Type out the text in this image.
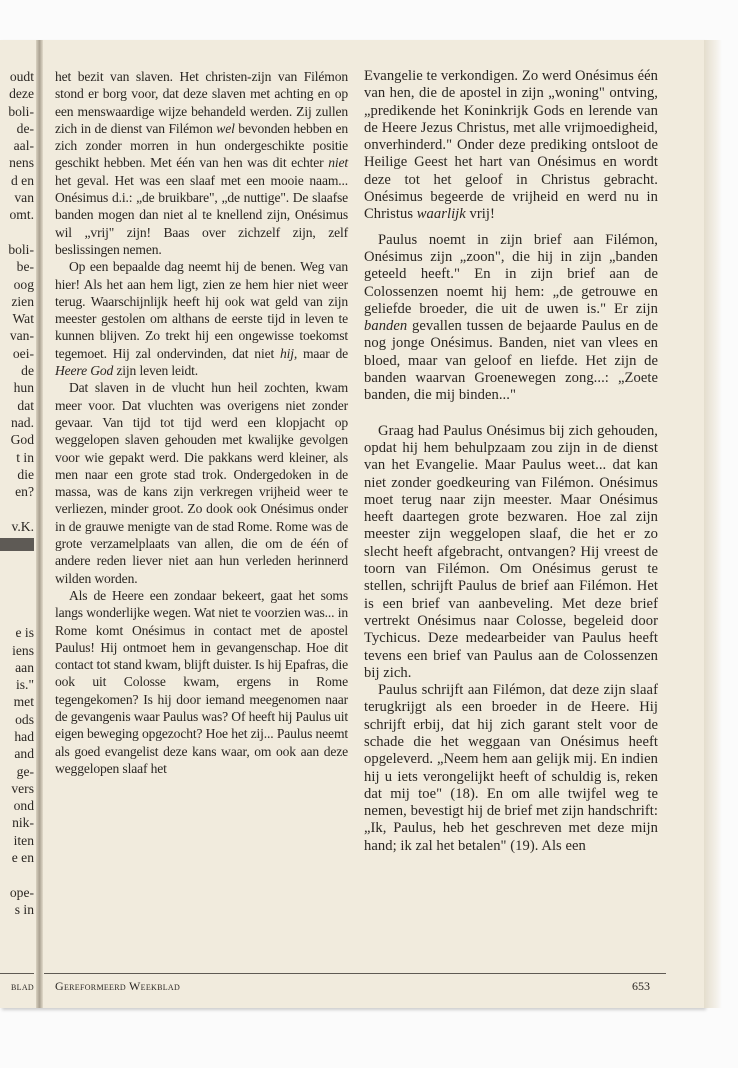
oudt
deze
boli-
de-
aal-
nens
d en
van
omt.
boli-
be-
oog
zien
Wat
van-
oei-
de
hun
dat
nad.
God
t in
die
en?
v.K.
e is
iens
aan
is."
met
ods
had
and
ge-
vers
ond
nik-
iten
e en
ope-
s in

het bezit van slaven. Het christen-zijn van Filémon stond er borg voor, dat deze slaven met achting en op een menswaardige wijze behandeld werden. Zij zullen zich in de dienst van Filémon wel bevonden hebben en zich zonder morren in hun ondergeschikte positie geschikt hebben. Met één van hen was dit echter niet het geval. Het was een slaaf met een mooie naam... Onésimus d.i.: „de bruikbare", „de nuttige". De slaafse banden mogen dan niet al te knellend zijn, Onésimus wil „vrij" zijn! Baas over zichzelf zijn, zelf beslissingen nemen.

Op een bepaalde dag neemt hij de benen. Weg van hier! Als het aan hem ligt, zien ze hem hier niet weer terug. Waarschijnlijk heeft hij ook wat geld van zijn meester gestolen om althans de eerste tijd in leven te kunnen blijven. Zo trekt hij een ongewisse toekomst tegemoet. Hij zal ondervinden, dat niet hij, maar de Heere God zijn leven leidt.

Dat slaven in de vlucht hun heil zochten, kwam meer voor. Dat vluchten was overigens niet zonder gevaar. Van tijd tot tijd werd een klopjacht op weggelopen slaven gehouden met kwalijke gevolgen voor wie gepakt werd. Die pakkans werd kleiner, als men naar een grote stad trok. Ondergedoken in de massa, was de kans zijn verkregen vrijheid weer te verliezen, minder groot. Zo dook ook Onésimus onder in de grauwe menigte van de stad Rome. Rome was de grote verzamelplaats van allen, die om de één of andere reden liever niet aan hun verleden herinnerd wilden worden.

Als de Heere een zondaar bekeert, gaat het soms langs wonderlijke wegen. Wat niet te voorzien was... in Rome komt Onésimus in contact met de apostel Paulus! Hij ontmoet hem in gevangenschap. Hoe dit contact tot stand kwam, blijft duister. Is hij Epafras, die ook uit Colosse kwam, ergens in Rome tegengekomen? Is hij door iemand meegenomen naar de gevangenis waar Paulus was? Of heeft hij Paulus uit eigen beweging opgezocht? Hoe het zij... Paulus neemt als goed evangelist deze kans waar, om ook aan deze weggelopen slaaf het

Evangelie te verkondigen. Zo werd Onésimus één van hen, die de apostel in zijn „woning" ontving, „predikende het Koninkrijk Gods en lerende van de Heere Jezus Christus, met alle vrijmoedigheid, onverhinderd." Onder deze prediking ontsloot de Heilige Geest het hart van Onésimus en wordt deze tot het geloof in Christus gebracht. Onésimus begeerde de vrijheid en werd nu in Christus waarlijk vrij!

Paulus noemt in zijn brief aan Filémon, Onésimus zijn „zoon", die hij in zijn „banden geteeld heeft." En in zijn brief aan de Colossenzen noemt hij hem: „de getrouwe en geliefde broeder, die uit de uwen is." Er zijn banden gevallen tussen de bejaarde Paulus en de nog jonge Onésimus. Banden, niet van vlees en bloed, maar van geloof en liefde. Het zijn de banden waarvan Groenewegen zong...: „Zoete banden, die mij binden..."

Graag had Paulus Onésimus bij zich gehouden, opdat hij hem behulpzaam zou zijn in de dienst van het Evangelie. Maar Paulus weet... dat kan niet zonder goedkeuring van Filémon. Onésimus moet terug naar zijn meester. Maar Onésimus heeft daartegen grote bezwaren. Hoe zal zijn meester zijn weggelopen slaaf, die het er zo slecht heeft afgebracht, ontvangen? Hij vreest de toorn van Filémon. Om Onésimus gerust te stellen, schrijft Paulus de brief aan Filémon. Het is een brief van aanbeveling. Met deze brief vertrekt Onésimus naar Colosse, begeleid door Tychicus. Deze medearbeider van Paulus heeft tevens een brief van Paulus aan de Colossenzen bij zich.

Paulus schrijft aan Filémon, dat deze zijn slaaf terugkrijgt als een broeder in de Heere. Hij schrijft erbij, dat hij zich garant stelt voor de schade die het weggaan van Onésimus heeft opgeleverd. „Neem hem aan gelijk mij. En indien hij u iets verongelijkt heeft of schuldig is, reken dat mij toe" (18). En om alle twijfel weg te nemen, bevestigt hij de brief met zijn handschrift: „Ik, Paulus, heb het geschreven met deze mijn hand; ik zal het betalen" (19). Als een

blad Gereformeerd Weekblad	653
